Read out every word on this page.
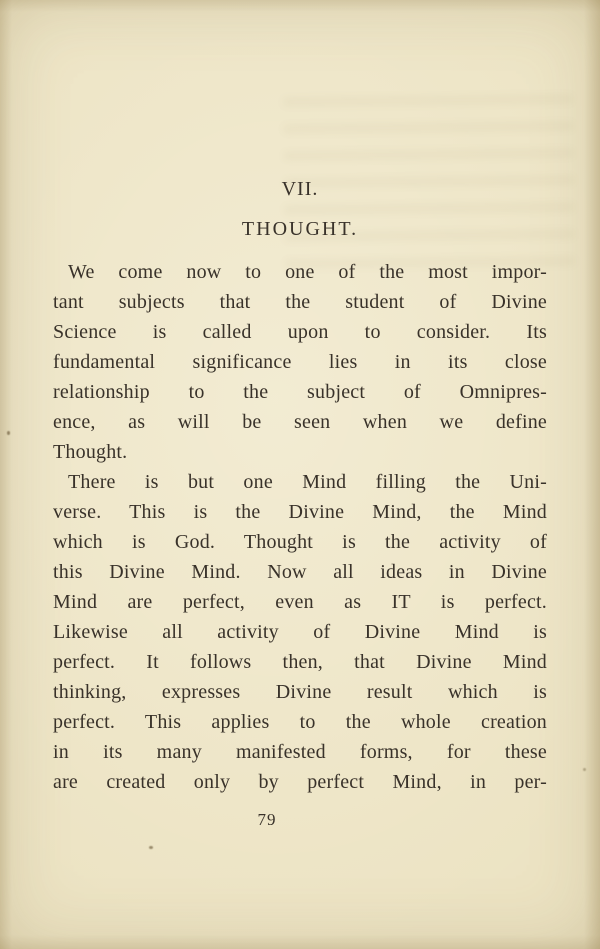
VII.
THOUGHT.
We come now to one of the most impor-
tant subjects that the student of Divine
Science is called upon to consider. Its
fundamental significance lies in its close
relationship to the subject of Omnipres-
ence, as will be seen when we define
Thought.
There is but one Mind filling the Uni-
verse. This is the Divine Mind, the Mind
which is God. Thought is the activity of
this Divine Mind. Now all ideas in Divine
Mind are perfect, even as IT is perfect.
Likewise all activity of Divine Mind is
perfect. It follows then, that Divine Mind
thinking, expresses Divine result which is
perfect. This applies to the whole creation
in its many manifested forms, for these
are created only by perfect Mind, in per-
79
